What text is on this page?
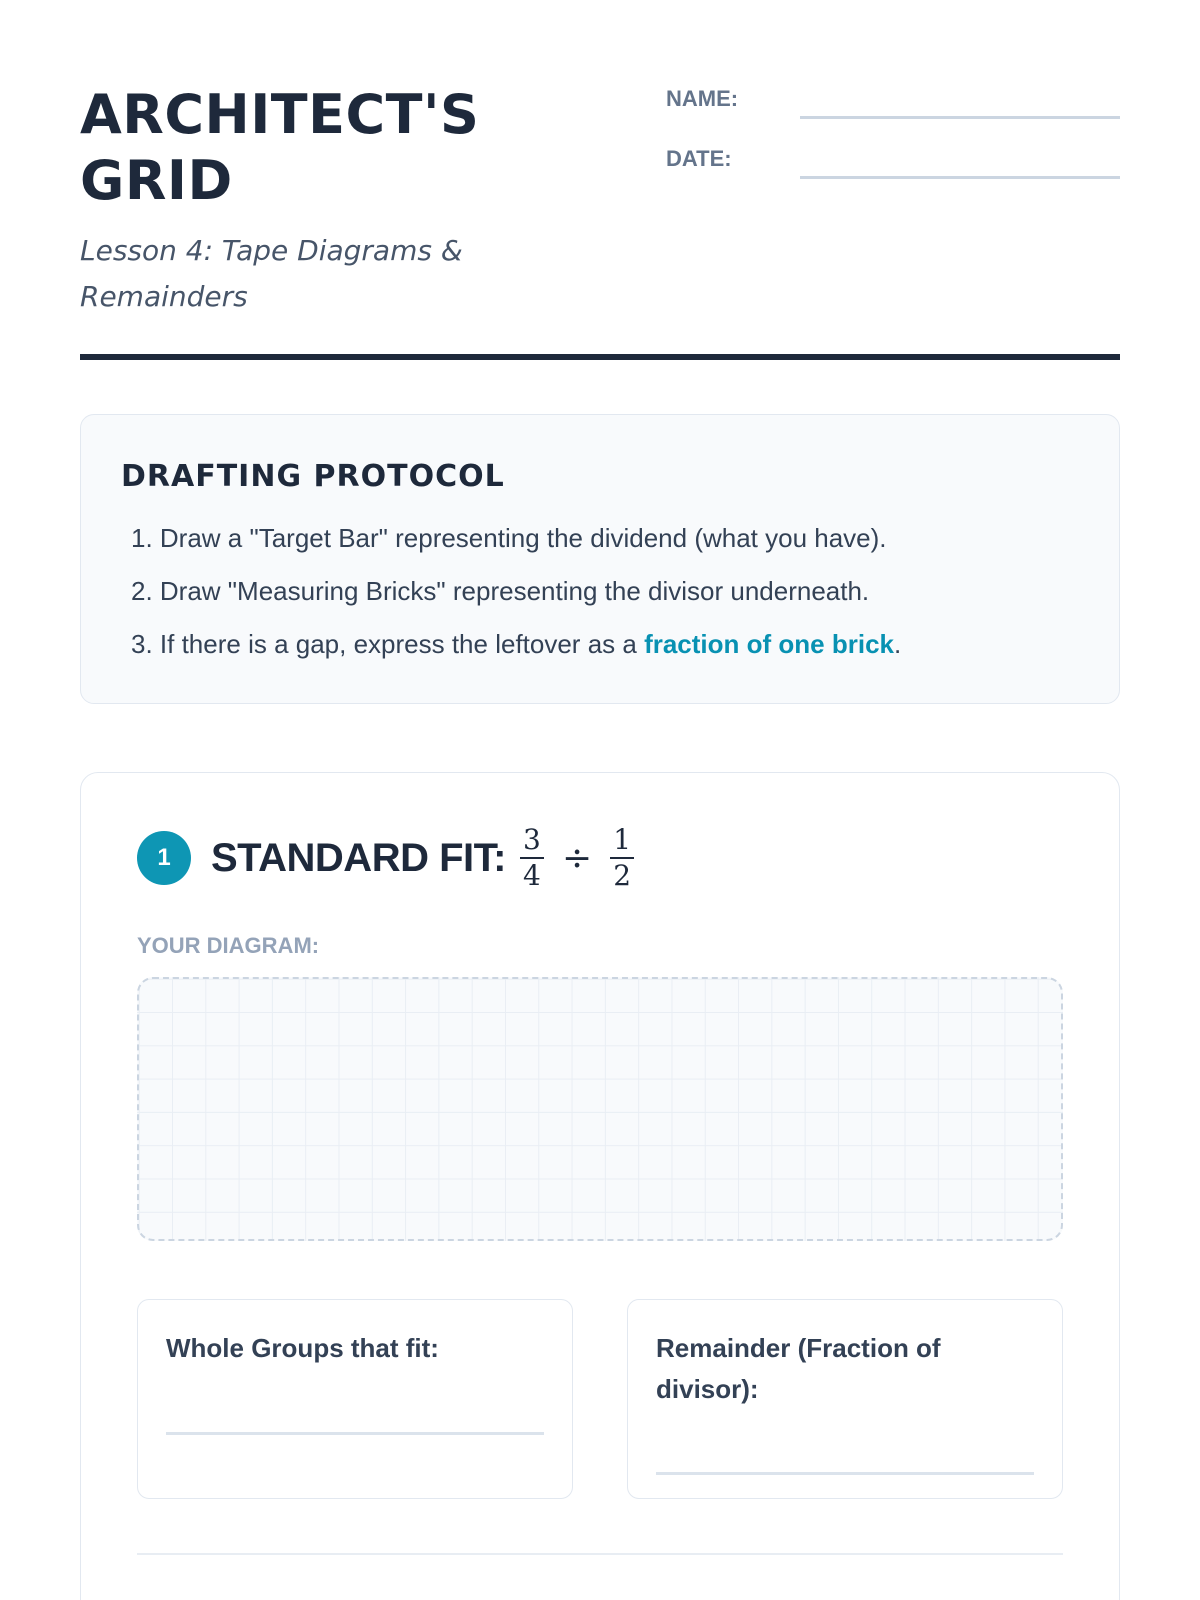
ARCHITECT'S GRID
Lesson 4: Tape Diagrams & Remainders
NAME:
DATE:
DRAFTING PROTOCOL
1. Draw a "Target Bar" representing the dividend (what you have).
2. Draw "Measuring Bricks" representing the divisor underneath.
3. If there is a gap, express the leftover as a fraction of one brick.
1	STANDARD FIT: $\frac{3}{4} \div \frac{1}{2}$
YOUR DIAGRAM:
Whole Groups that fit:	Remainder (Fraction of divisor):
